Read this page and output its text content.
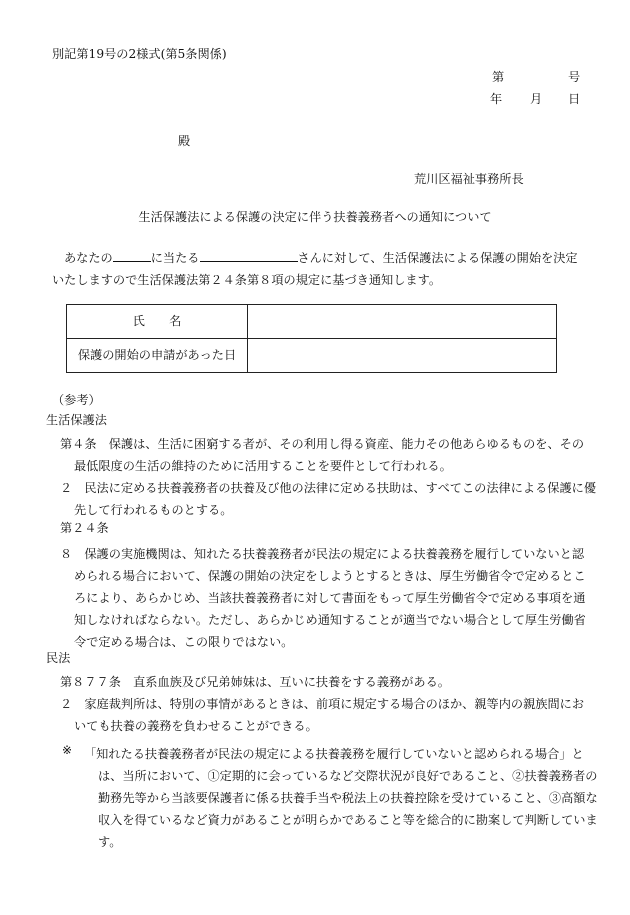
別記第19号の2様式(第5条関係)
第	号
年 月 日
殿
荒川区福祉事務所長
生活保護法による保護の決定に伴う扶養義務者への通知について
あなたの	に当たる	さんに対して、生活保護法による保護の開始を決定いたしますので生活保護法第２４条第８項の規定に基づき通知します。
氏　　名	
保護の開始の申請があった日	
（参考）
生活保護法
第４条　保護は、生活に困窮する者が、その利用し得る資産、能力その他あらゆるものを、その最低限度の生活の維持のために活用することを要件として行われる。
２　民法に定める扶養義務者の扶養及び他の法律に定める扶助は、すべてこの法律による保護に優先して行われるものとする。
第２４条
８　保護の実施機関は、知れたる扶養義務者が民法の規定による扶養義務を履行していないと認められる場合において、保護の開始の決定をしようとするときは、厚生労働省令で定めるところにより、あらかじめ、当該扶養義務者に対して書面をもって厚生労働省令で定める事項を通知しなければならない。ただし、あらかじめ通知することが適当でない場合として厚生労働省令で定める場合は、この限りではない。
民法
第８７７条　直系血族及び兄弟姉妹は、互いに扶養をする義務がある。
２　家庭裁判所は、特別の事情があるときは、前項に規定する場合のほか、親等内の親族間においても扶養の義務を負わせることができる。
※ 「知れたる扶養義務者が民法の規定による扶養義務を履行していないと認められる場合」とは、当所において、①定期的に会っているなど交際状況が良好であること、②扶養義務者の勤務先等から当該要保護者に係る扶養手当や税法上の扶養控除を受けていること、③高額な収入を得ているなど資力があることが明らかであること等を総合的に勘案して判断しています。
